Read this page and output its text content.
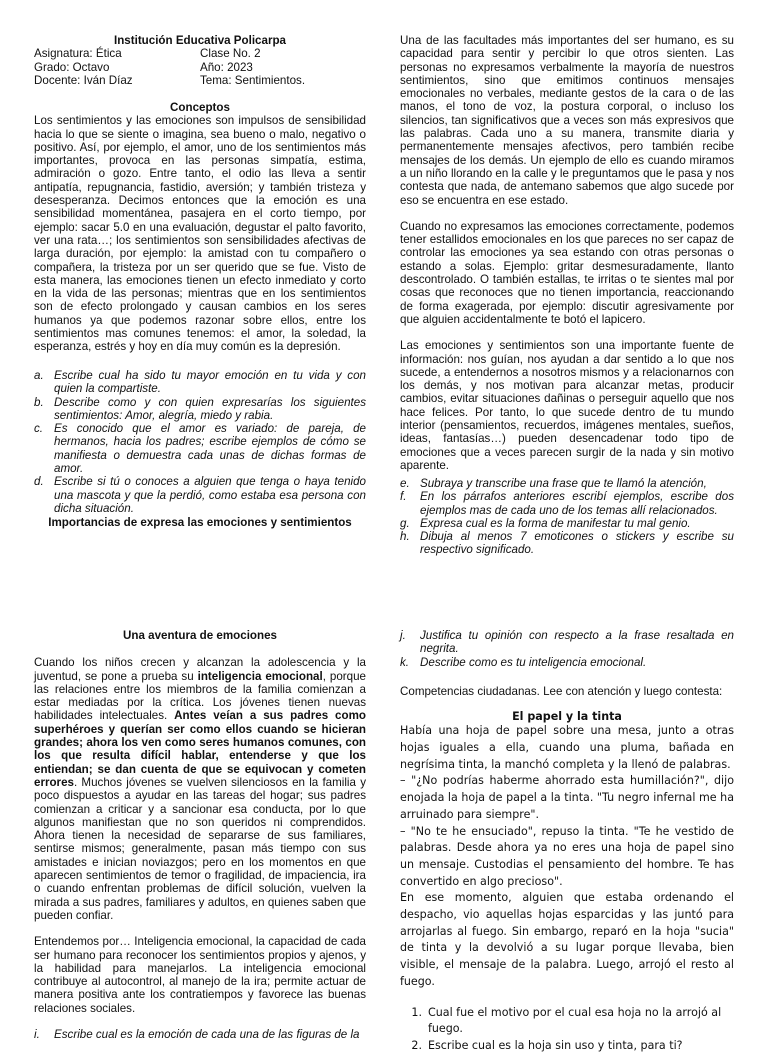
Institución Educativa Policarpa

Asignatura: Ética	Clase No. 2
Grado: Octavo	Año: 2023
Docente: Iván Díaz	Tema: Sentimientos.

Conceptos

Los sentimientos y las emociones son impulsos de sensibilidad hacia lo que se siente o imagina, sea bueno o malo, negativo o positivo. Así, por ejemplo, el amor, uno de los sentimientos más importantes, provoca en las personas simpatía, estima, admiración o gozo. Entre tanto, el odio las lleva a sentir antipatía, repugnancia, fastidio, aversión; y también tristeza y desesperanza. Decimos entonces que la emoción es una sensibilidad momentánea, pasajera en el corto tiempo, por ejemplo: sacar 5.0 en una evaluación, degustar el palto favorito, ver una rata…; los sentimientos son sensibilidades afectivas de larga duración, por ejemplo: la amistad con tu compañero o compañera, la tristeza por un ser querido que se fue. Visto de esta manera, las emociones tienen un efecto inmediato y corto en la vida de las personas; mientras que en los sentimientos son de efecto prolongado y causan cambios en los seres humanos ya que podemos razonar sobre ellos, entre los sentimientos mas comunes tenemos: el amor, la soledad, la esperanza, estrés y hoy en día muy común es la depresión.

a. Escribe cual ha sido tu mayor emoción en tu vida y con quien la compartiste.
b. Describe como y con quien expresarías los siguientes sentimientos: Amor, alegría, miedo y rabia.
c. Es conocido que el amor es variado: de pareja, de hermanos, hacia los padres; escribe ejemplos de cómo se manifiesta o demuestra cada unas de dichas formas de amor.
d. Escribe si tú o conoces a alguien que tenga o haya tenido una mascota y que la perdió, como estaba esa persona con dicha situación.

Importancias de expresa las emociones y sentimientos

Una de las facultades más importantes del ser humano, es su capacidad para sentir y percibir lo que otros sienten. Las personas no expresamos verbalmente la mayoría de nuestros sentimientos, sino que emitimos continuos mensajes emocionales no verbales, mediante gestos de la cara o de las manos, el tono de voz, la postura corporal, o incluso los silencios, tan significativos que a veces son más expresivos que las palabras. Cada uno a su manera, transmite diaria y permanentemente mensajes afectivos, pero también recibe mensajes de los demás. Un ejemplo de ello es cuando miramos a un niño llorando en la calle y le preguntamos que le pasa y nos contesta que nada, de antemano sabemos que algo sucede por eso se encuentra en ese estado.

Cuando no expresamos las emociones correctamente, podemos tener estallidos emocionales en los que pareces no ser capaz de controlar las emociones ya sea estando con otras personas o estando a solas. Ejemplo: gritar desmesuradamente, llanto descontrolado. O también estallas, te irritas o te sientes mal por cosas que reconoces que no tienen importancia, reaccionando de forma exagerada, por ejemplo: discutir agresivamente por que alguien accidentalmente te botó el lapicero.

Las emociones y sentimientos son una importante fuente de información: nos guían, nos ayudan a dar sentido a lo que nos sucede, a entendernos a nosotros mismos y a relacionarnos con los demás, y nos motivan para alcanzar metas, producir cambios, evitar situaciones dañinas o perseguir aquello que nos hace felices. Por tanto, lo que sucede dentro de tu mundo interior (pensamientos, recuerdos, imágenes mentales, sueños, ideas, fantasías…) pueden desencadenar todo tipo de emociones que a veces parecen surgir de la nada y sin motivo aparente.

e. Subraya y transcribe una frase que te llamó la atención,
f.	En los párrafos anteriores escribí ejemplos, escribe dos ejemplos mas de cada uno de los temas allí relacionados.
g. Expresa cual es la forma de manifestar tu mal genio.
h. Dibuja al menos 7 emoticones o stickers y escribe su respectivo significado.

Una aventura de emociones

Cuando los niños crecen y alcanzan la adolescencia y la juventud, se pone a prueba su inteligencia emocional, porque las relaciones entre los miembros de la familia comienzan a estar mediadas por la crítica. Los jóvenes tienen nuevas habilidades intelectuales. Antes veían a sus padres como superhéroes y querían ser como ellos cuando se hicieran grandes; ahora los ven como seres humanos comunes, con los que resulta difícil hablar, entenderse y que los entiendan; se dan cuenta de que se equivocan y cometen errores. Muchos jóvenes se vuelven silenciosos en la familia y poco dispuestos a ayudar en las tareas del hogar; sus padres comienzan a criticar y a sancionar esa conducta, por lo que algunos manifiestan que no son queridos ni comprendidos. Ahora tienen la necesidad de separarse de sus familiares, sentirse mismos; generalmente, pasan más tiempo con sus amistades e inician noviazgos; pero en los momentos en que aparecen sentimientos de temor o fragilidad, de impaciencia, ira o cuando enfrentan problemas de difícil solución, vuelven la mirada a sus padres, familiares y adultos, en quienes saben que pueden confiar.

Entendemos por… Inteligencia emocional, la capacidad de cada ser humano para reconocer los sentimientos propios y ajenos, y la habilidad para manejarlos. La inteligencia emocional contribuye al autocontrol, al manejo de la ira; permite actuar de manera positiva ante los contratiempos y favorece las buenas relaciones sociales.

i.	Escribe cual es la emoción de cada una de las figuras de la
j.	Justifica tu opinión con respecto a la frase resaltada en negrita.
k. Describe como es tu inteligencia emocional.

Competencias ciudadanas. Lee con atención y luego contesta:

El papel y la tinta

Había una hoja de papel sobre una mesa, junto a otras hojas iguales a ella, cuando una pluma, bañada en negrísima tinta, la manchó completa y la llenó de palabras.

– "¿No podrías haberme ahorrado esta humillación?", dijo enojada la hoja de papel a la tinta. "Tu negro infernal me ha arruinado para siempre".

– "No te he ensuciado", repuso la tinta. "Te he vestido de palabras. Desde ahora ya no eres una hoja de papel sino un mensaje. Custodias el pensamiento del hombre. Te has convertido en algo precioso".

En ese momento, alguien que estaba ordenando el despacho, vio aquellas hojas esparcidas y las juntó para arrojarlas al fuego. Sin embargo, reparó en la hoja "sucia" de tinta y la devolvió a su lugar porque llevaba, bien visible, el mensaje de la palabra. Luego, arrojó el resto al fuego.

1. Cual fue el motivo por el cual esa hoja no la arrojó al fuego.
2. Escribe cual es la hoja sin uso y tinta, para ti?
